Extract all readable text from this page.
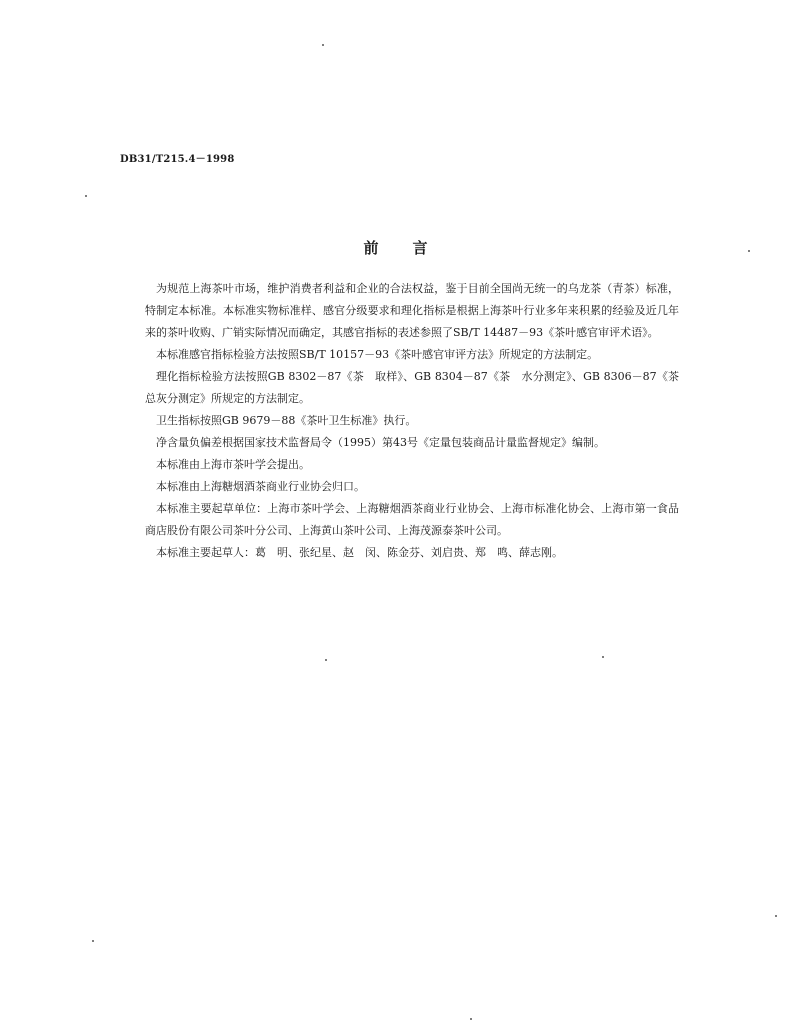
DB31/T215.4－1998
前言

为规范上海茶叶市场，维护消费者利益和企业的合法权益，鉴于目前全国尚无统一的乌龙茶（青茶）标准，特制定本标准。本标准实物标准样、感官分级要求和理化指标是根据上海茶叶行业多年来积累的经验及近几年来的茶叶收购、广销实际情况而确定，其感官指标的表述参照了SB/T 14487－93《茶叶感官审评术语》。

本标准感官指标检验方法按照SB/T 10157－93《茶叶感官审评方法》所规定的方法制定。

理化指标检验方法按照GB 8302－87《茶　取样》、GB 8304－87《茶　水分测定》、GB 8306－87《茶　总灰分测定》所规定的方法制定。

卫生指标按照GB 9679－88《茶叶卫生标准》执行。

净含量负偏差根据国家技术监督局令（1995）第43号《定量包装商品计量监督规定》编制。

本标准由上海市茶叶学会提出。

本标准由上海糖烟酒茶商业行业协会归口。

本标准主要起草单位：上海市茶叶学会、上海糖烟酒茶商业行业协会、上海市标准化协会、上海市第一食品商店股份有限公司茶叶分公司、上海黄山茶叶公司、上海茂源泰茶叶公司。

本标准主要起草人：葛　明、张纪星、赵　闵、陈金芬、刘启贵、郑　鸣、薛志刚。
